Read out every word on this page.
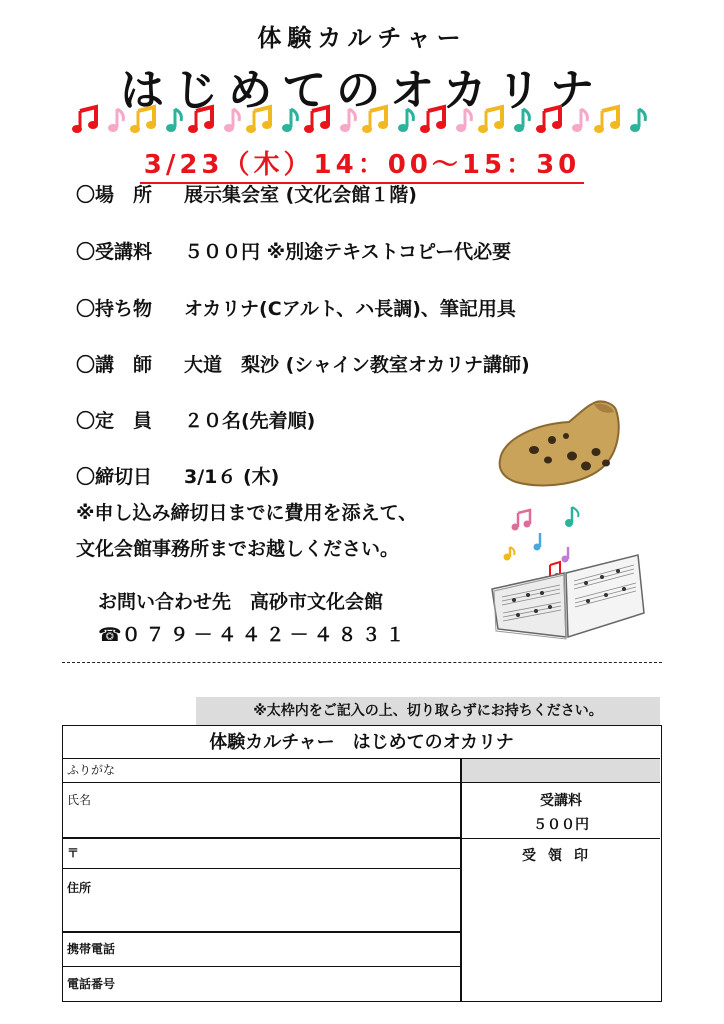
体験カルチャー
はじめてのオカリナ
3/23（木）14：00～15：30
〇場　所 展示集会室 (文化会館１階)
〇受講料 ５００円 ※別途テキストコピー代必要
〇持ち物 オカリナ(Cアルト、ハ長調)、筆記用具
〇講　師 大道　梨沙 (シャイン教室オカリナ講師)
〇定　員 ２０名(先着順)
〇締切日 3/1６ (木)
※申し込み締切日までに費用を添えて、
文化会館事務所までお越しください。
お問い合わせ先　高砂市文化会館
☎０７９－４４２－４８３１
※太枠内をご記入の上、切り取らずにお持ちください。
体験カルチャー　はじめてのオカリナ
ふりがな
氏名
〒
住所
携帯電話
電話番号
受講料
５００円
受領印
